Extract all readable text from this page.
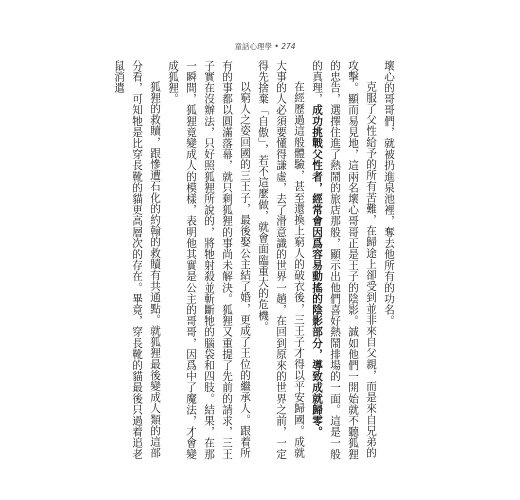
童話心理學 • 274

壞心的哥哥們，就被扔進泉池裡，奪去他所有的功名。

克服了父性給予的所有苦難，在歸途上卻受到並非來自父親，而是來自兄弟的攻擊。顯而易見地，這兩名壞心哥哥正是王子的陰影。誠如他們一開始就不聽狐狸的忠告，選擇住進了熱鬧的旅店那般，顯示出他們喜好熱鬧排場的一面。這是一般的真理，成功挑戰父性者，經常會因爲容易動搖的陰影部分，導致成就歸零。

在經歷過這般體驗，甚至還換上窮人的破衣後，三王子才得以平安歸國。成就大事的人必須要懂得謙虛，去了滑意識的世界一趟，在回到原來的世界之前，一定得先捨棄「自傲」，若不這麼做，就會面臨重大的危機。

以窮人之姿回國的三王子，最後娶公主結了婚，更成了王位的繼承人。跟着所有的事都以圓滿落幕，就只剩狐狸的事尚未解決。狐狸又重提了先前的請求，三王子實在沒辦法，只好照狐狸所說的，將牠射殺並斬斷牠的腦袋和四肢。結果，在那一瞬間，狐狸竟變成人的模樣，表明他其實是公主的哥哥，因爲中了魔法，才會變成狐狸。

狐狸的救贖，跟慘遭石化的約翰的救贖有共通點。就狐狸最後變成人類的這部分看，可知牠是比穿長靴的貓更高層次的存在。畢竟，穿長靴的貓最後只過着追老鼠消遣
